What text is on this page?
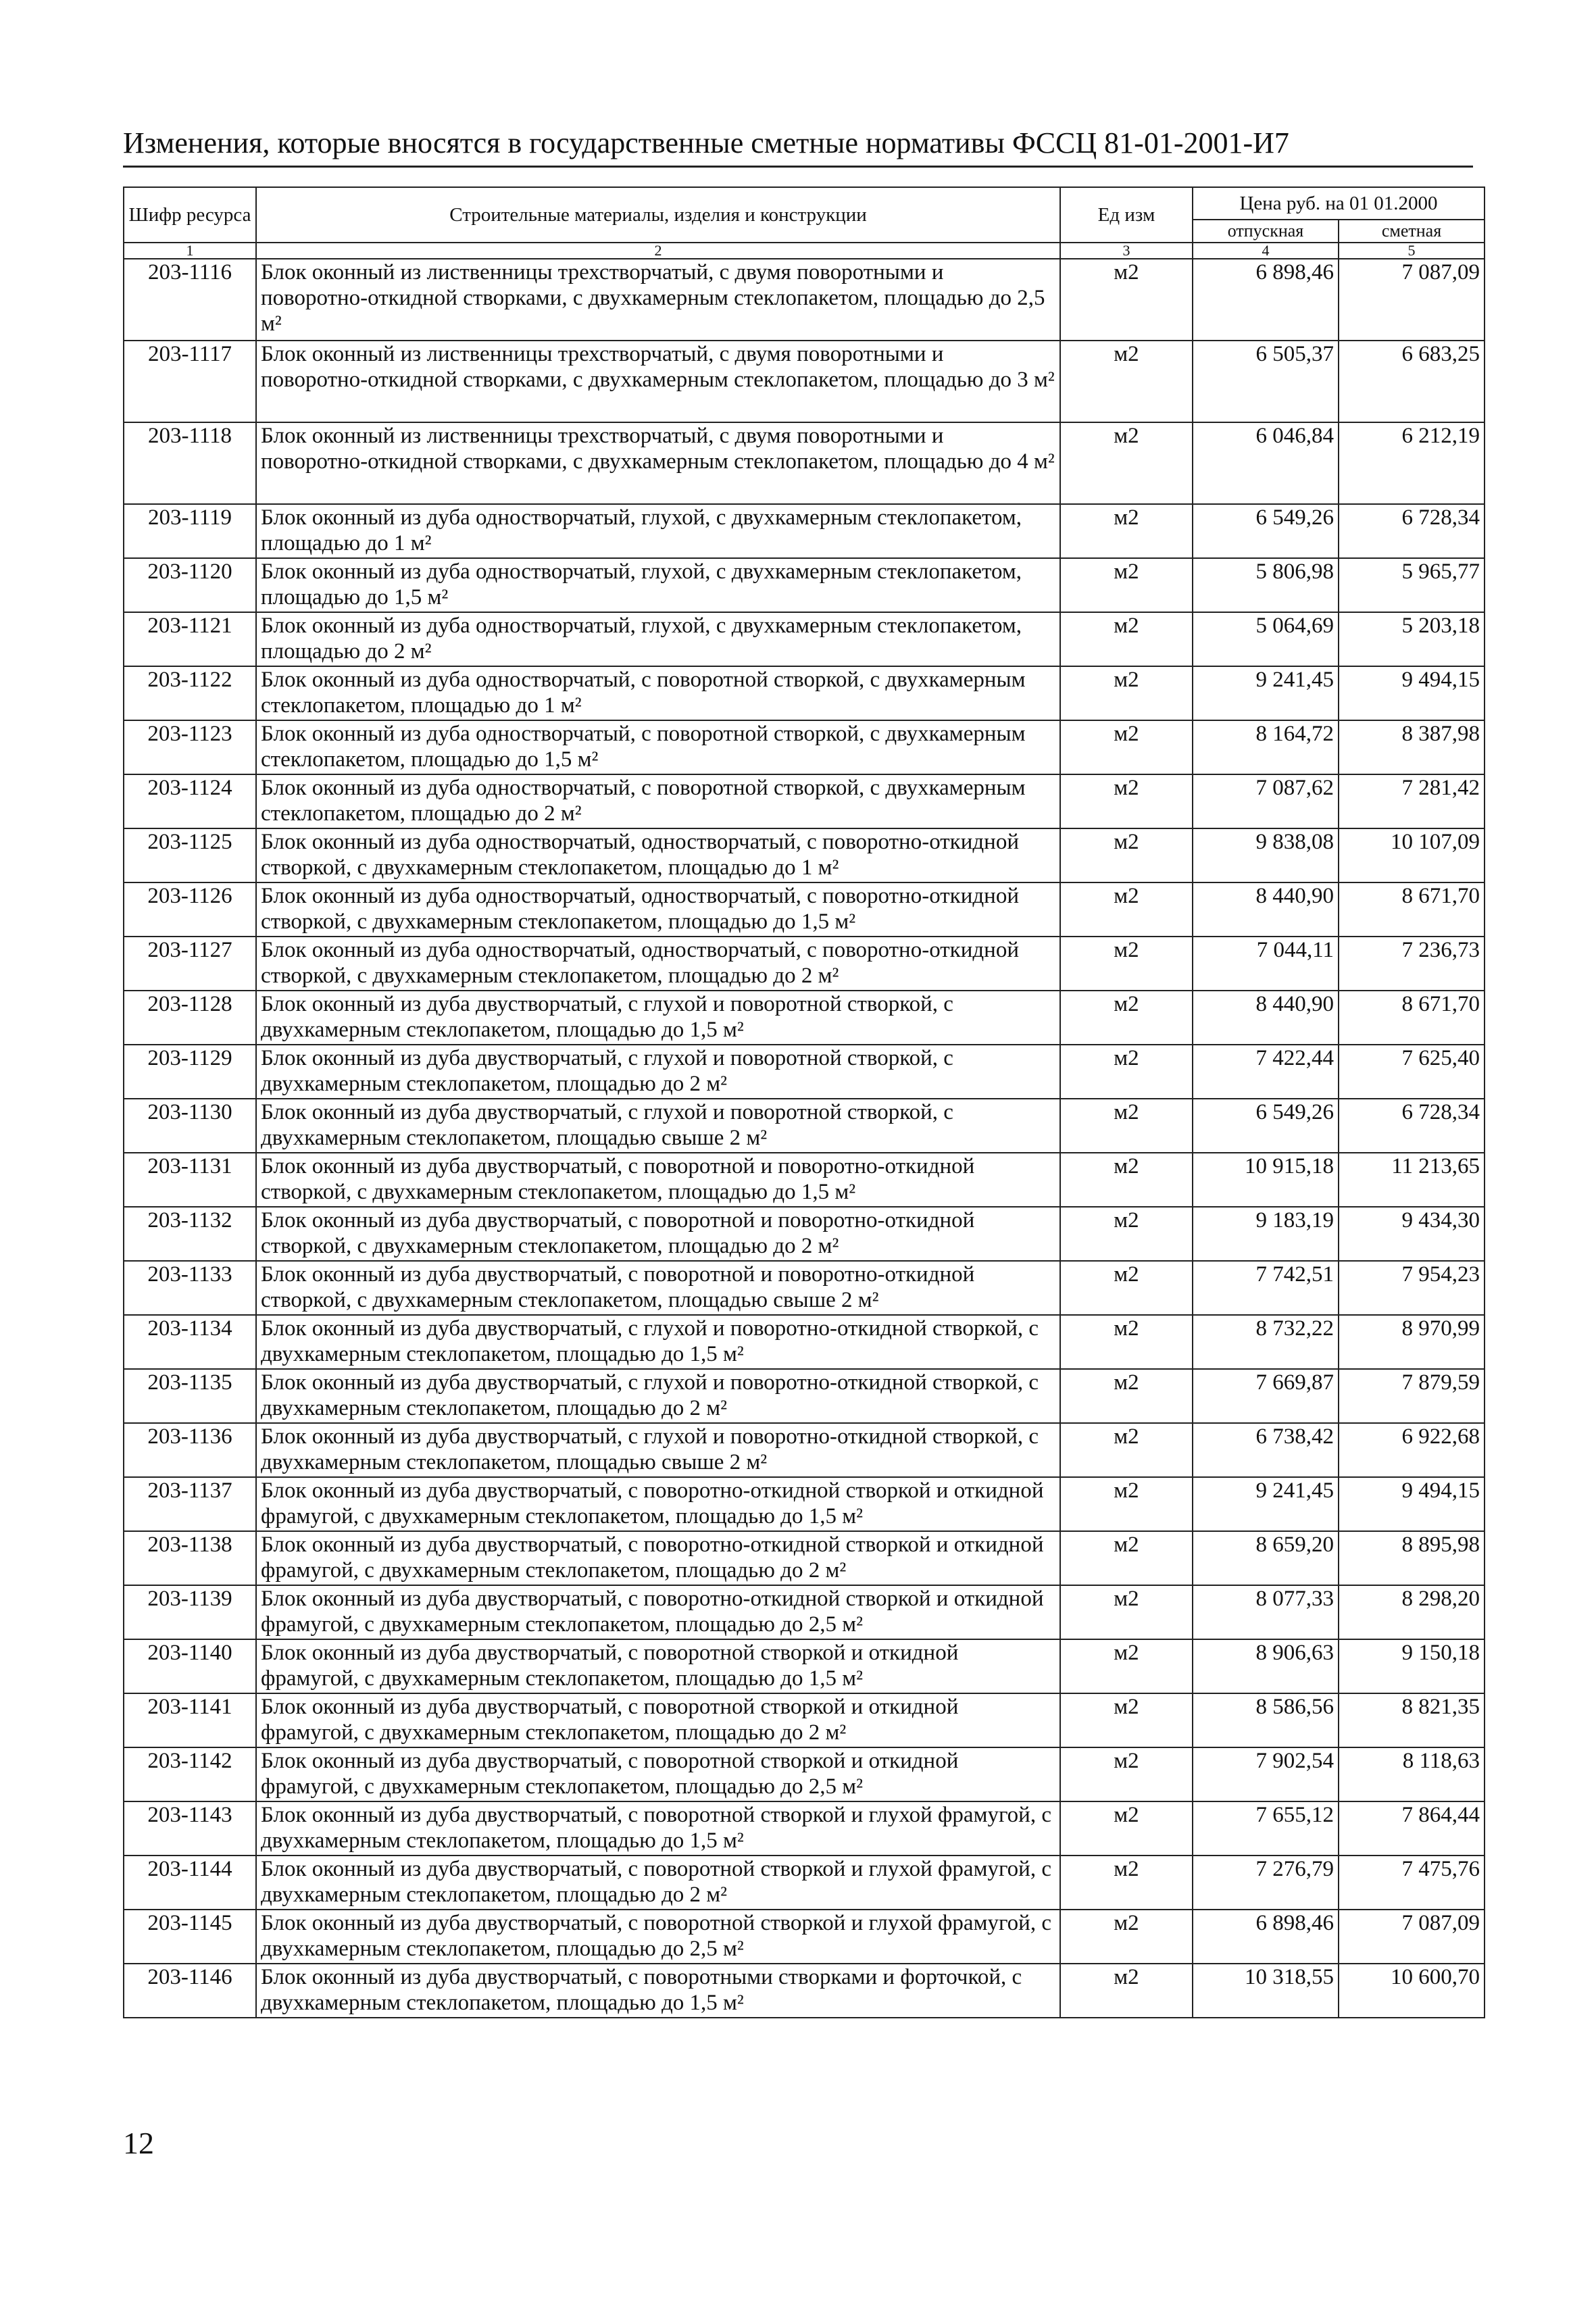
Изменения, которые вносятся в государственные сметные нормативы ФССЦ 81-01-2001-И7
Шифр ресурса	Строительные материалы, изделия и конструкции	Ед изм	Цена руб. на 01 01.2000	
			отпускная	сметная
1	2	3	4	5
203-1116	Блок оконный из лиственницы трехстворчатый, с двумя поворотными и поворотно-откидной створками, с двухкамерным стеклопакетом, площадью до 2,5 м²	м2	6 898,46	7 087,09
203-1117	Блок оконный из лиственницы трехстворчатый, с двумя поворотными и поворотно-откидной створками, с двухкамерным стеклопакетом, площадью до 3 м²	м2	6 505,37	6 683,25
203-1118	Блок оконный из лиственницы трехстворчатый, с двумя поворотными и поворотно-откидной створками, с двухкамерным стеклопакетом, площадью до 4 м²	м2	6 046,84	6 212,19
203-1119	Блок оконный из дуба одностворчатый, глухой, с двухкамерным стеклопакетом, площадью до 1 м²	м2	6 549,26	6 728,34
203-1120	Блок оконный из дуба одностворчатый, глухой, с двухкамерным стеклопакетом, площадью до 1,5 м²	м2	5 806,98	5 965,77
203-1121	Блок оконный из дуба одностворчатый, глухой, с двухкамерным стеклопакетом, площадью до 2 м²	м2	5 064,69	5 203,18
203-1122	Блок оконный из дуба одностворчатый, с поворотной створкой, с двухкамерным стеклопакетом, площадью до 1 м²	м2	9 241,45	9 494,15
203-1123	Блок оконный из дуба одностворчатый, с поворотной створкой, с двухкамерным стеклопакетом, площадью до 1,5 м²	м2	8 164,72	8 387,98
203-1124	Блок оконный из дуба одностворчатый, с поворотной створкой, с двухкамерным стеклопакетом, площадью до 2 м²	м2	7 087,62	7 281,42
203-1125	Блок оконный из дуба одностворчатый, одностворчатый, с поворотно-откидной створкой, с двухкамерным стеклопакетом, площадью до 1 м²	м2	9 838,08	10 107,09
203-1126	Блок оконный из дуба одностворчатый, одностворчатый, с поворотно-откидной створкой, с двухкамерным стеклопакетом, площадью до 1,5 м²	м2	8 440,90	8 671,70
203-1127	Блок оконный из дуба одностворчатый, одностворчатый, с поворотно-откидной створкой, с двухкамерным стеклопакетом, площадью до 2 м²	м2	7 044,11	7 236,73
203-1128	Блок оконный из дуба двустворчатый, с глухой и поворотной створкой, с двухкамерным стеклопакетом, площадью до 1,5 м²	м2	8 440,90	8 671,70
203-1129	Блок оконный из дуба двустворчатый, с глухой и поворотной створкой, с двухкамерным стеклопакетом, площадью до 2 м²	м2	7 422,44	7 625,40
203-1130	Блок оконный из дуба двустворчатый, с глухой и поворотной створкой, с двухкамерным стеклопакетом, площадью свыше 2 м²	м2	6 549,26	6 728,34
203-1131	Блок оконный из дуба двустворчатый, с поворотной и поворотно-откидной створкой, с двухкамерным стеклопакетом, площадью до 1,5 м²	м2	10 915,18	11 213,65
203-1132	Блок оконный из дуба двустворчатый, с поворотной и поворотно-откидной створкой, с двухкамерным стеклопакетом, площадью до 2 м²	м2	9 183,19	9 434,30
203-1133	Блок оконный из дуба двустворчатый, с поворотной и поворотно-откидной створкой, с двухкамерным стеклопакетом, площадью свыше 2 м²	м2	7 742,51	7 954,23
203-1134	Блок оконный из дуба двустворчатый, с глухой и поворотно-откидной створкой, с двухкамерным стеклопакетом, площадью до 1,5 м²	м2	8 732,22	8 970,99
203-1135	Блок оконный из дуба двустворчатый, с глухой и поворотно-откидной створкой, с двухкамерным стеклопакетом, площадью до 2 м²	м2	7 669,87	7 879,59
203-1136	Блок оконный из дуба двустворчатый, с глухой и поворотно-откидной створкой, с двухкамерным стеклопакетом, площадью свыше 2 м²	м2	6 738,42	6 922,68
203-1137	Блок оконный из дуба двустворчатый, с поворотно-откидной створкой и откидной фрамугой, с двухкамерным стеклопакетом, площадью до 1,5 м²	м2	9 241,45	9 494,15
203-1138	Блок оконный из дуба двустворчатый, с поворотно-откидной створкой и откидной фрамугой, с двухкамерным стеклопакетом, площадью до 2 м²	м2	8 659,20	8 895,98
203-1139	Блок оконный из дуба двустворчатый, с поворотно-откидной створкой и откидной фрамугой, с двухкамерным стеклопакетом, площадью до 2,5 м²	м2	8 077,33	8 298,20
203-1140	Блок оконный из дуба двустворчатый, с поворотной створкой и откидной фрамугой, с двухкамерным стеклопакетом, площадью до 1,5 м²	м2	8 906,63	9 150,18
203-1141	Блок оконный из дуба двустворчатый, с поворотной створкой и откидной фрамугой, с двухкамерным стеклопакетом, площадью до 2 м²	м2	8 586,56	8 821,35
203-1142	Блок оконный из дуба двустворчатый, с поворотной створкой и откидной фрамугой, с двухкамерным стеклопакетом, площадью до 2,5 м²	м2	7 902,54	8 118,63
203-1143	Блок оконный из дуба двустворчатый, с поворотной створкой и глухой фрамугой, с двухкамерным стеклопакетом, площадью до 1,5 м²	м2	7 655,12	7 864,44
203-1144	Блок оконный из дуба двустворчатый, с поворотной створкой и глухой фрамугой, с двухкамерным стеклопакетом, площадью до 2 м²	м2	7 276,79	7 475,76
203-1145	Блок оконный из дуба двустворчатый, с поворотной створкой и глухой фрамугой, с двухкамерным стеклопакетом, площадью до 2,5 м²	м2	6 898,46	7 087,09
203-1146	Блок оконный из дуба двустворчатый, с поворотными створками и форточкой, с двухкамерным стеклопакетом, площадью до 1,5 м²	м2	10 318,55	10 600,70
12
